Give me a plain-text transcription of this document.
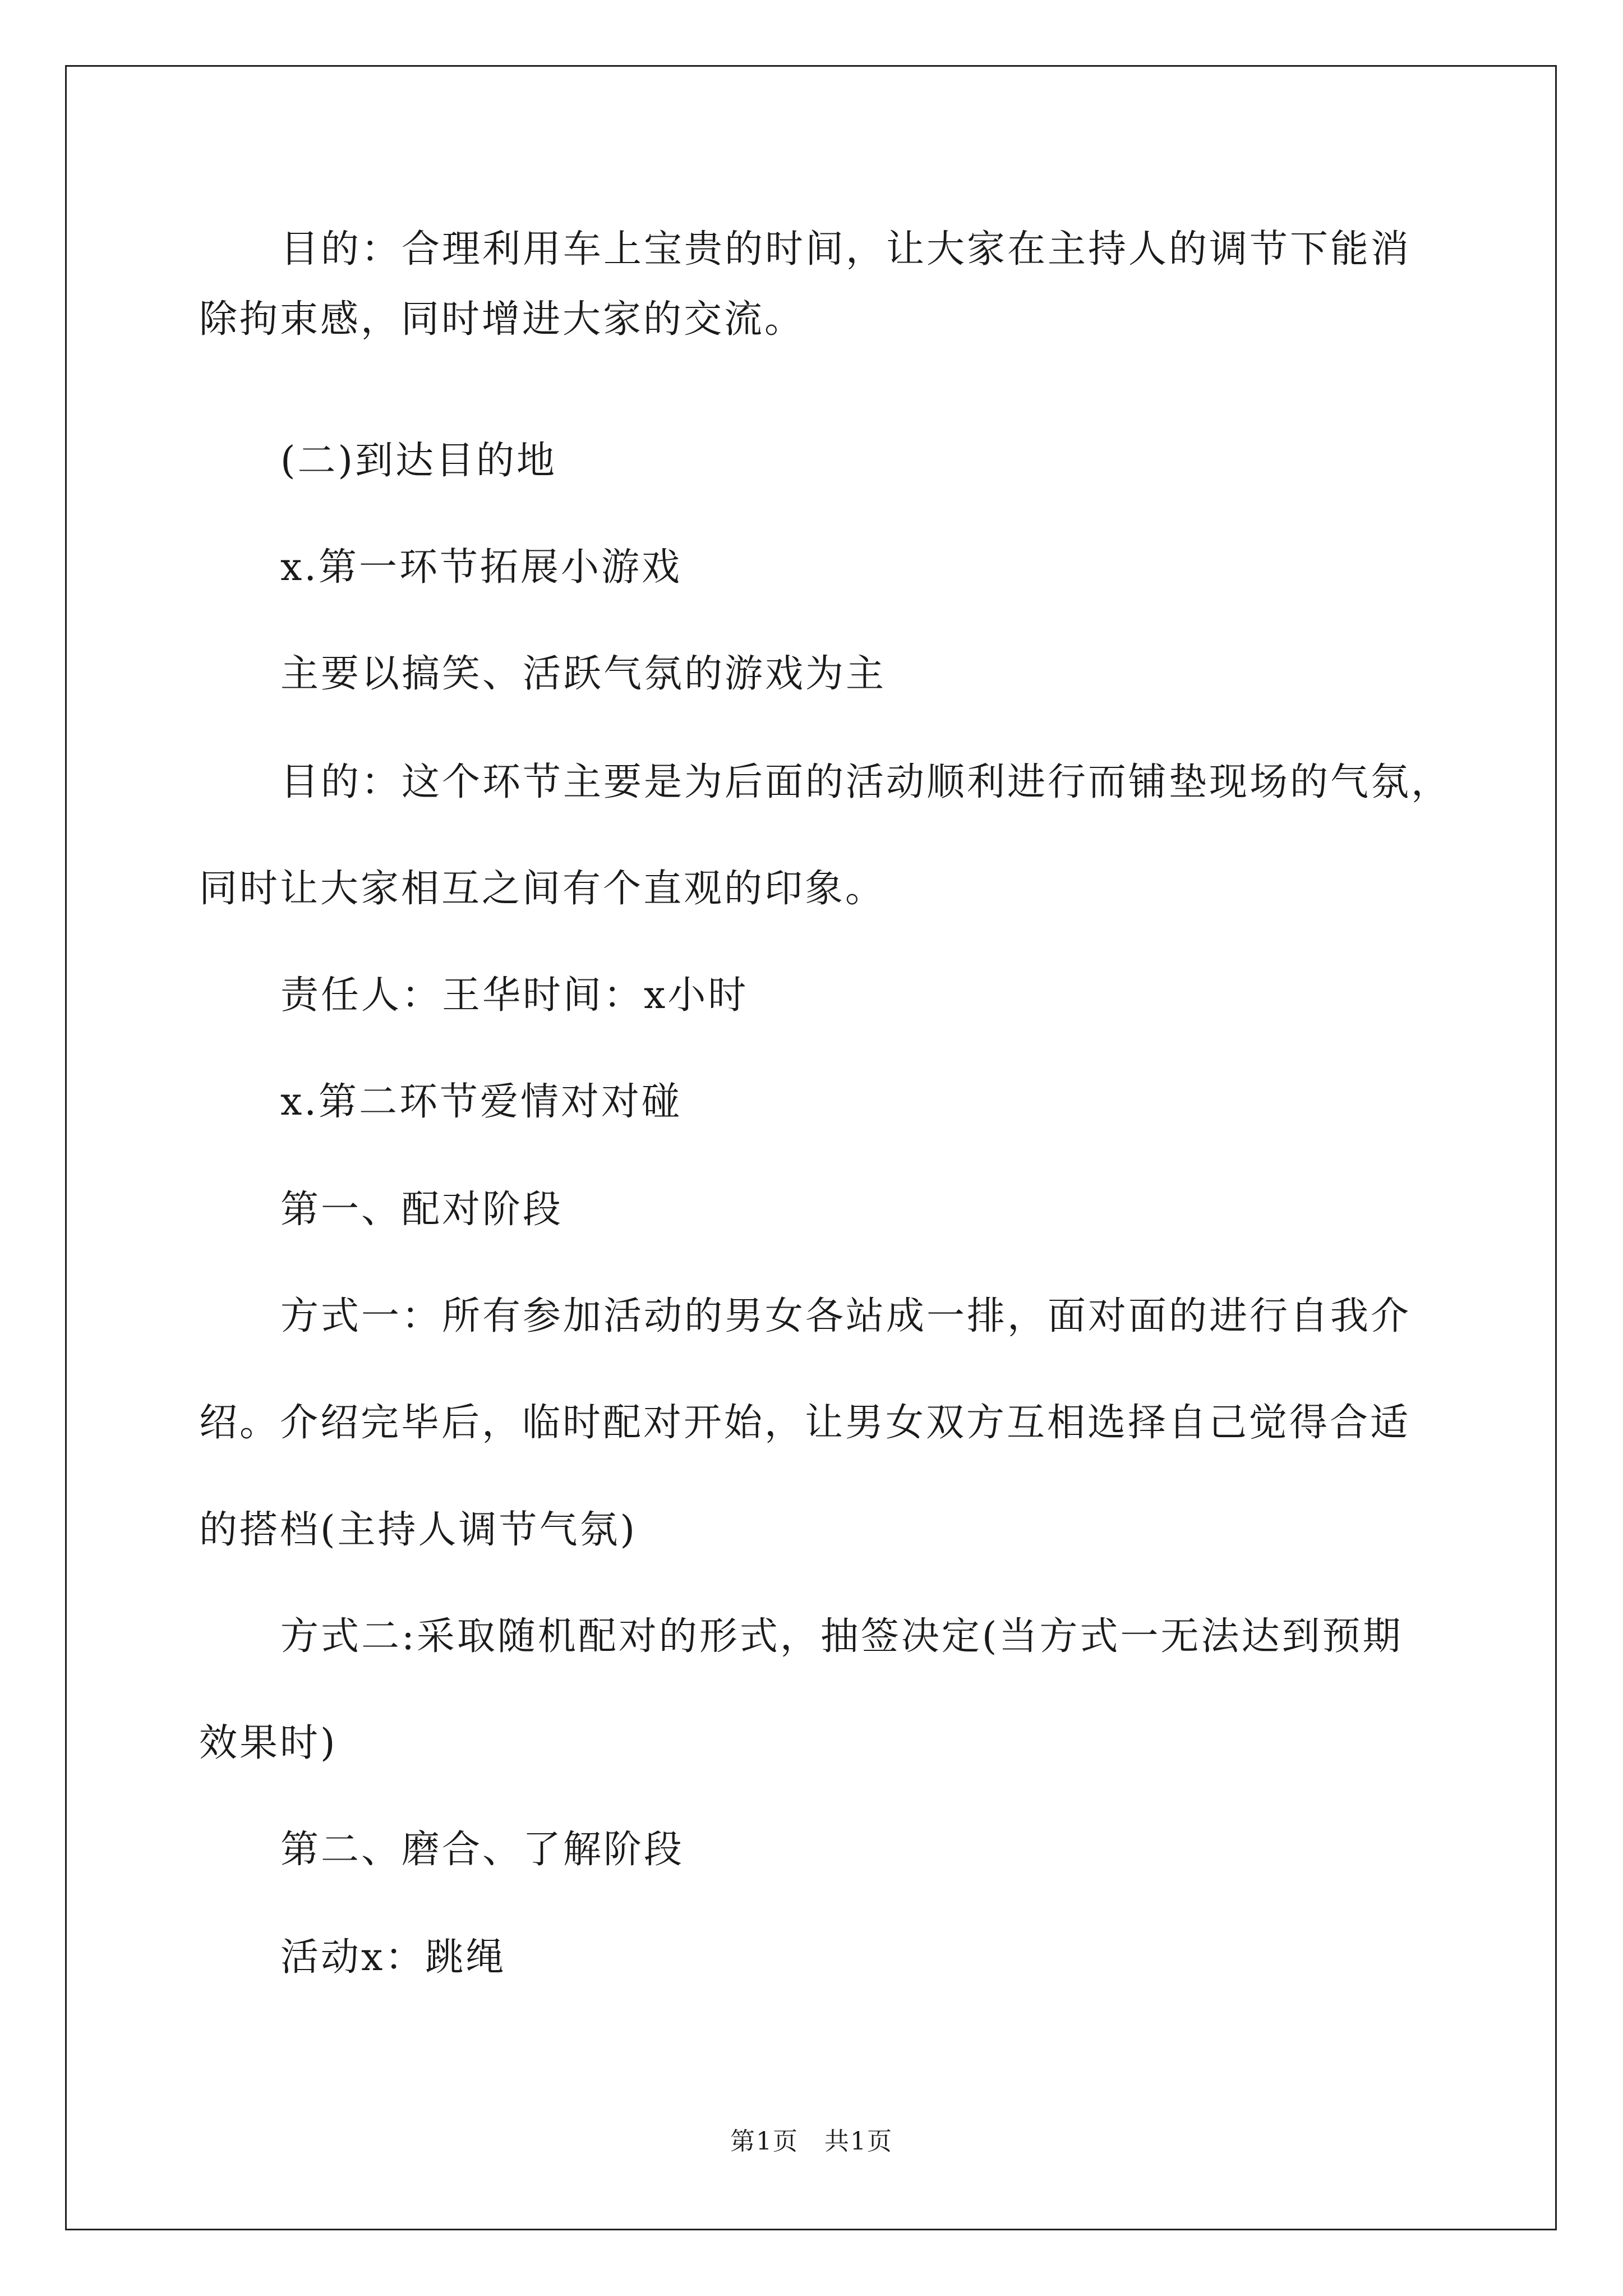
目的：合理利用车上宝贵的时间，让大家在主持人的调节下能消
除拘束感，同时增进大家的交流。
(二)到达目的地
x.第一环节拓展小游戏
主要以搞笑、活跃气氛的游戏为主
目的：这个环节主要是为后面的活动顺利进行而铺垫现场的气氛，
同时让大家相互之间有个直观的印象。
责任人：王华时间：x小时
x.第二环节爱情对对碰
第一、配对阶段
方式一：所有参加活动的男女各站成一排，面对面的进行自我介
绍。介绍完毕后，临时配对开始，让男女双方互相选择自己觉得合适
的搭档(主持人调节气氛)
方式二:采取随机配对的形式，抽签决定(当方式一无法达到预期
效果时)
第二、磨合、了解阶段
活动x：跳绳
第1页　共1页
